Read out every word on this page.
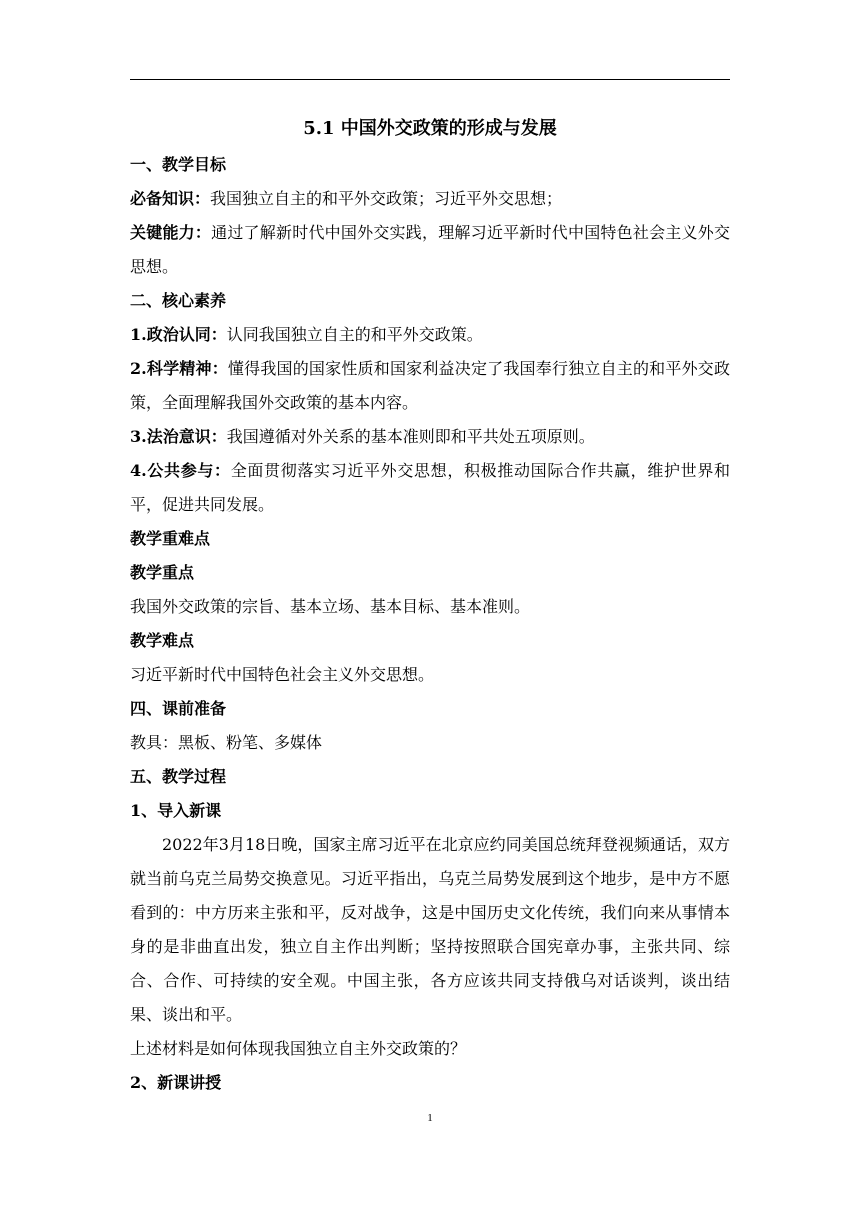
5.1 中国外交政策的形成与发展

一、教学目标

必备知识：我国独立自主的和平外交政策；习近平外交思想；

关键能力：通过了解新时代中国外交实践，理解习近平新时代中国特色社会主义外交思想。

二、核心素养

1.政治认同：认同我国独立自主的和平外交政策。

2.科学精神：懂得我国的国家性质和国家利益决定了我国奉行独立自主的和平外交政策，全面理解我国外交政策的基本内容。

3.法治意识：我国遵循对外关系的基本准则即和平共处五项原则。

4.公共参与：全面贯彻落实习近平外交思想，积极推动国际合作共赢，维护世界和平，促进共同发展。

教学重难点

教学重点

我国外交政策的宗旨、基本立场、基本目标、基本准则。

教学难点

习近平新时代中国特色社会主义外交思想。

四、课前准备

教具：黑板、粉笔、多媒体

五、教学过程

1、导入新课

2022年3月18日晚，国家主席习近平在北京应约同美国总统拜登视频通话，双方就当前乌克兰局势交换意见。习近平指出，乌克兰局势发展到这个地步，是中方不愿看到的：中方历来主张和平，反对战争，这是中国历史文化传统，我们向来从事情本身的是非曲直出发，独立自主作出判断；坚持按照联合国宪章办事，主张共同、综合、合作、可持续的安全观。中国主张，各方应该共同支持俄乌对话谈判，谈出结果、谈出和平。

上述材料是如何体现我国独立自主外交政策的？

2、新课讲授

1
